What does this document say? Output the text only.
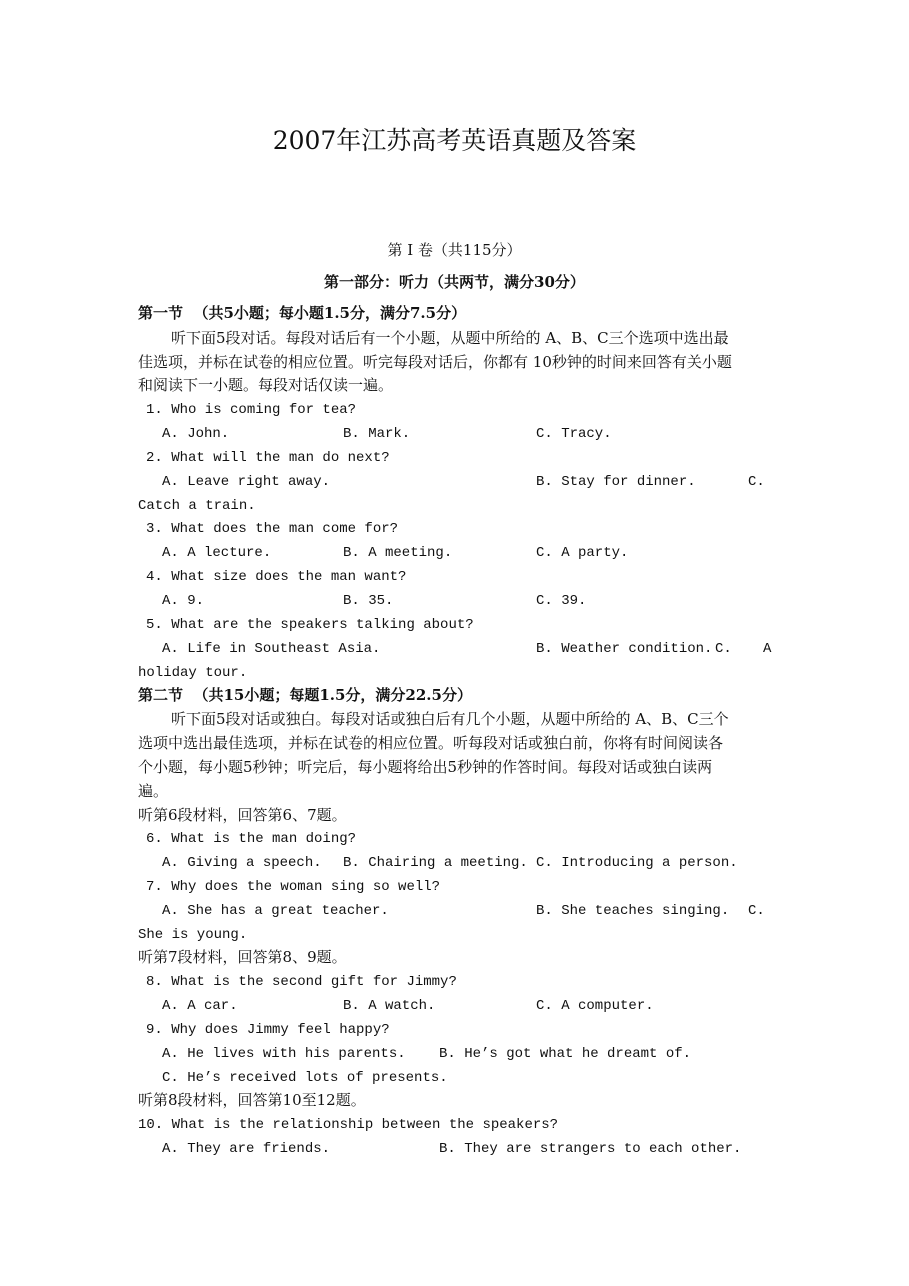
2007年江苏高考英语真题及答案
第 I 卷（共115分）
第一部分：听力（共两节，满分30分）
第一节  （共5小题；每小题1.5分，满分7.5分）
听下面5段对话。每段对话后有一个小题，从题中所给的 A、B、C三个选项中选出最
佳选项，并标在试卷的相应位置。听完每段对话后，你都有 10秒钟的时间来回答有关小题
和阅读下一小题。每段对话仅读一遍。
1. Who is coming for tea?
A. John.	B. Mark.	C. Tracy.
2. What will the man do next?
A. Leave right away.	B. Stay for dinner.	C.
Catch a train.
3. What does the man come for?
A. A lecture.	B. A meeting.	C. A party.
4. What size does the man want?
A. 9.	B. 35.	C. 39.
5. What are the speakers talking about?
A. Life in Southeast Asia.	B. Weather condition. C. A
holiday tour.
第二节  （共15小题；每题1.5分，满分22.5分）
听下面5段对话或独白。每段对话或独白后有几个小题，从题中所给的 A、B、C三个
选项中选出最佳选项，并标在试卷的相应位置。听每段对话或独白前，你将有时间阅读各
个小题，每小题5秒钟；听完后，每小题将给出5秒钟的作答时间。每段对话或独白读两
遍。
听第6段材料，回答第6、7题。
6. What is the man doing?
A. Giving a speech. B. Chairing a meeting. C. Introducing a person.
7. Why does the woman sing so well?
A. She has a great teacher.	B. She teaches singing. C.
She is young.
听第7段材料，回答第8、9题。
8. What is the second gift for Jimmy?
A. A car.	B. A watch.	C. A computer.
9. Why does Jimmy feel happy?
A. He lives with his parents. B. He’s got what he dreamt of.
C. He’s received lots of presents.
听第8段材料，回答第10至12题。
10. What is the relationship between the speakers?
A. They are friends.	B. They are strangers to each other.
